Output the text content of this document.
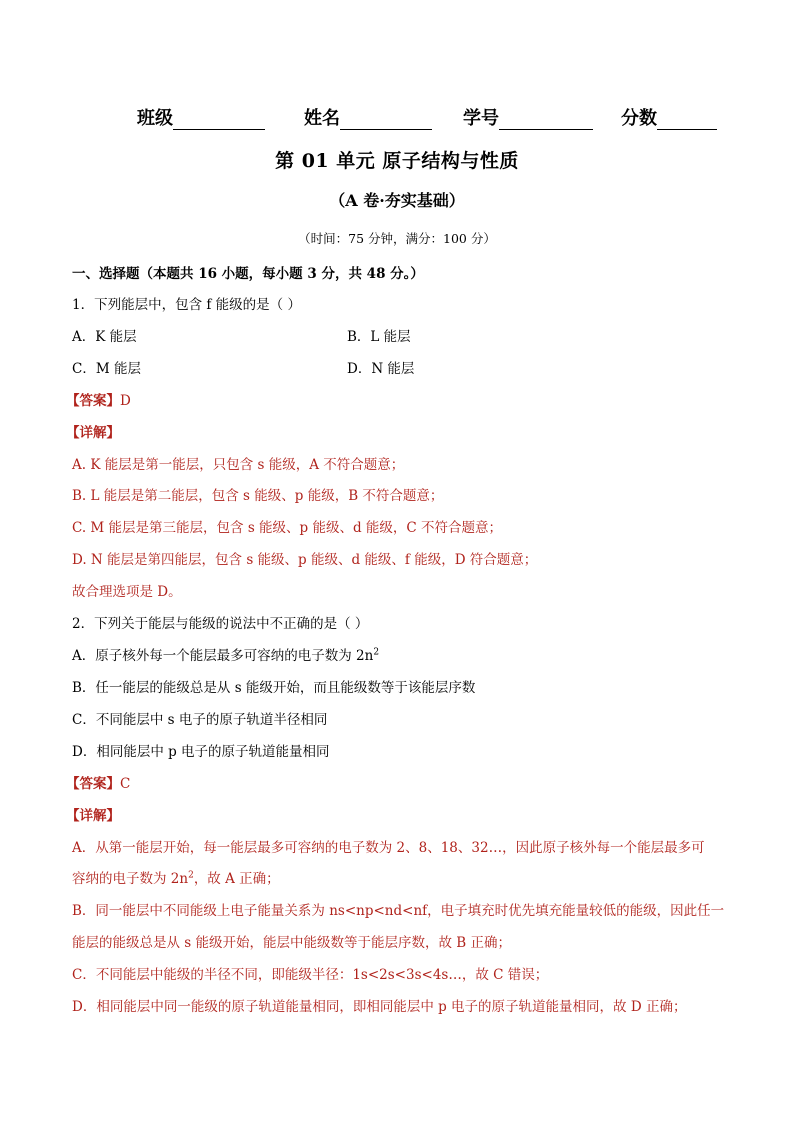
班级	姓名	学号	分数
第 01 单元 原子结构与性质
（A 卷·夯实基础）
（时间：75 分钟，满分：100 分）
一、选择题（本题共 16 小题，每小题 3 分，共 48 分。）
1．下列能层中，包含 f 能级的是（ ）
A．K 能层	B．L 能层
C．M 能层	D．N 能层
【答案】D
【详解】
A. K 能层是第一能层，只包含 s 能级，A 不符合题意；
B. L 能层是第二能层，包含 s 能级、p 能级，B 不符合题意；
C. M 能层是第三能层，包含 s 能级、p 能级、d 能级，C 不符合题意；
D. N 能层是第四能层，包含 s 能级、p 能级、d 能级、f 能级，D 符合题意；
故合理选项是 D。
2．下列关于能层与能级的说法中不正确的是（ ）
A．原子核外每一个能层最多可容纳的电子数为 $2n^2$
B．任一能层的能级总是从 s 能级开始，而且能级数等于该能层序数
C．不同能层中 s 电子的原子轨道半径相同
D．相同能层中 p 电子的原子轨道能量相同
【答案】C
【详解】
A．从第一能层开始，每一能层最多可容纳的电子数为 2、8、18、32…，因此原子核外每一个能层最多可
容纳的电子数为 $2n^2$，故 A 正确；
B．同一能层中不同能级上电子能量关系为 ns<np<nd<nf，电子填充时优先填充能量较低的能级，因此任一
能层的能级总是从 s 能级开始，能层中能级数等于能层序数，故 B 正确；
C．不同能层中能级的半径不同，即能级半径：1s<2s<3s<4s…，故 C 错误；
D．相同能层中同一能级的原子轨道能量相同，即相同能层中 p 电子的原子轨道能量相同，故 D 正确；
